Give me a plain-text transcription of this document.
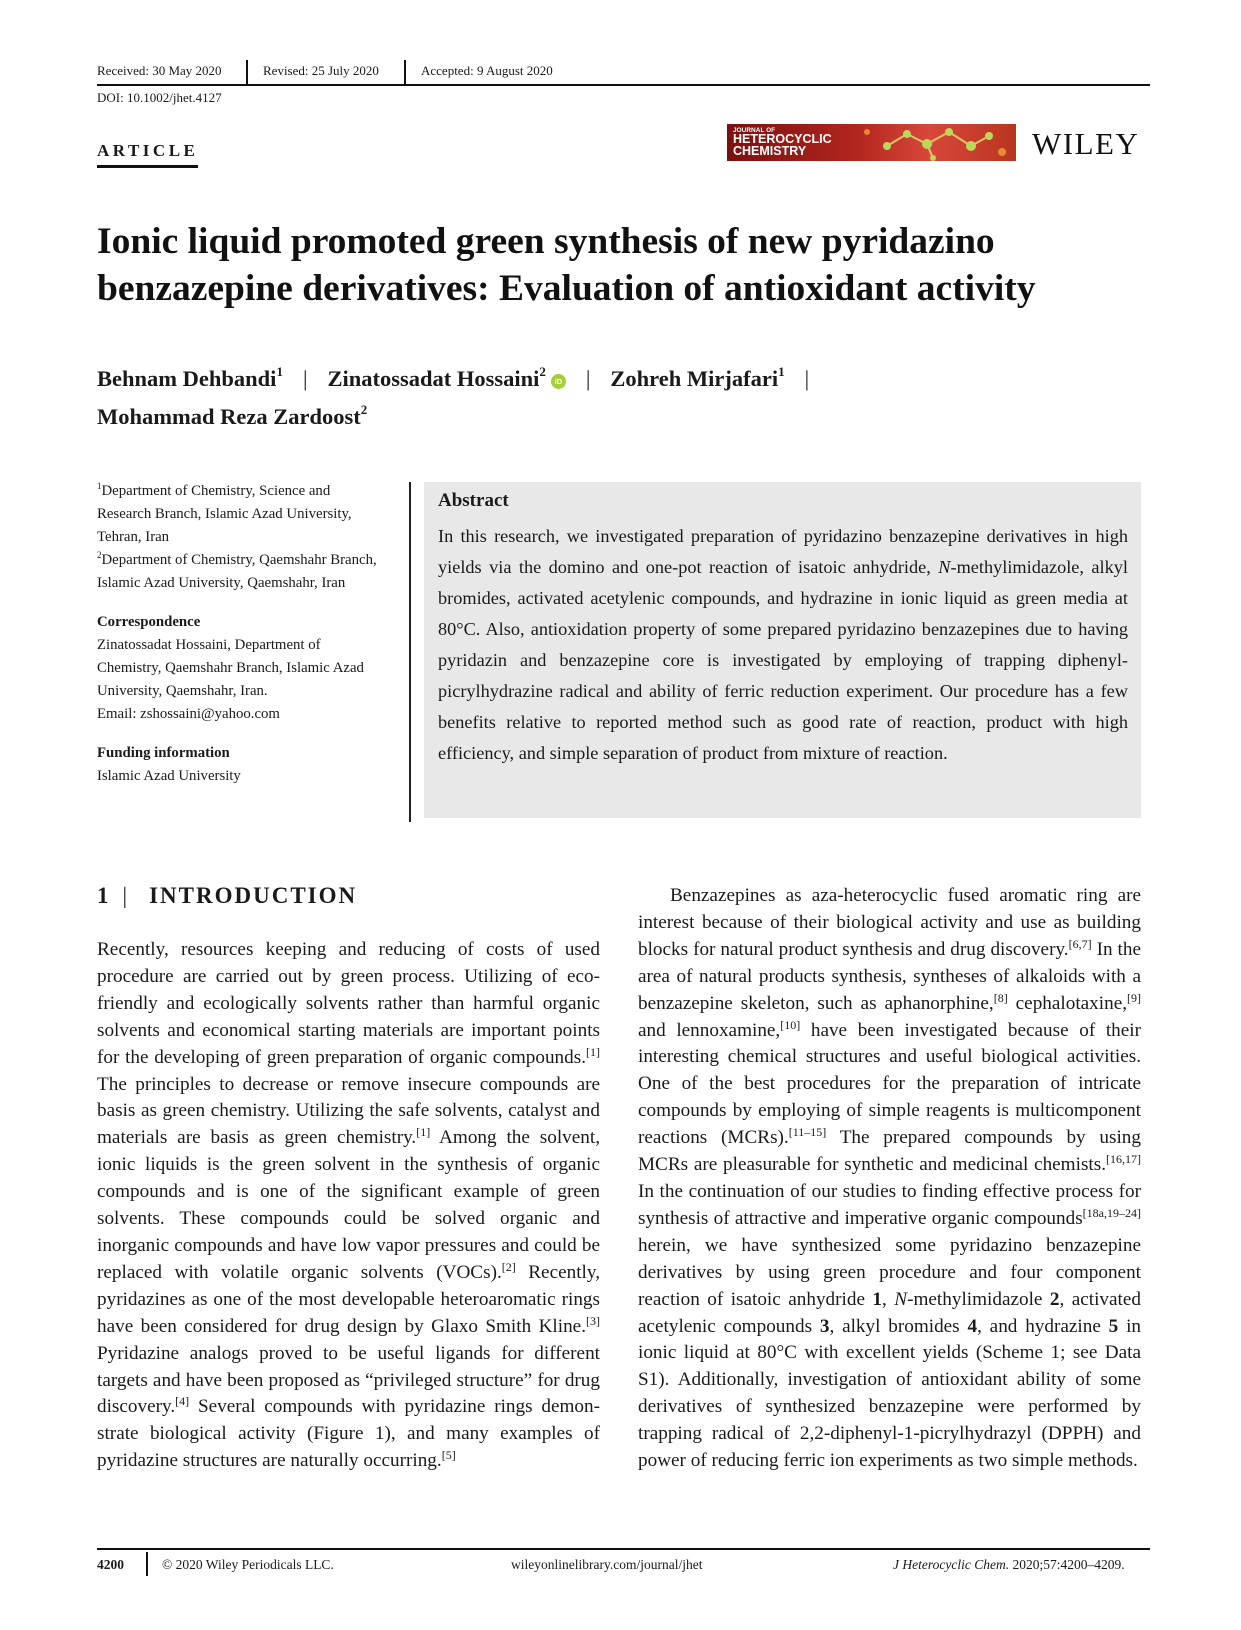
Received: 30 May 2020	Revised: 25 July 2020	Accepted: 9 August 2020
DOI: 10.1002/jhet.4127
ARTICLE
JOURNAL OF
HETEROCYCLIC
CHEMISTRY	WILEY
Ionic liquid promoted green synthesis of new pyridazino
benzazepine derivatives: Evaluation of antioxidant activity
Behnam Dehbandi$^1$ | Zinatossadat Hossaini$^2$iD | Zohreh Mirjafari$^1$ |
Mohammad Reza Zardoost$^2$

$^1$Department of Chemistry, Science and Research Branch, Islamic Azad University, Tehran, Iran

$^2$Department of Chemistry, Qaemshahr Branch, Islamic Azad University, Qaemshahr, Iran

Correspondence

Zinatossadat Hossaini, Department of Chemistry, Qaemshahr Branch, Islamic Azad University, Qaemshahr, Iran.

Email: zshossaini@yahoo.com

Funding information

Islamic Azad University

Abstract
In this research, we investigated preparation of pyridazino benzazepine derivatives in high yields via the domino and one-pot reaction of isatoic anhydride, N-methylimidazole, alkyl bromides, activated acetylenic compounds, and hydrazine in ionic liquid as green media at 80°C. Also, antioxidation property of some prepared pyridazino benzazepines due to having pyridazin and benzazepine core is investigated by employing of trapping diphenyl-picrylhydrazine radical and ability of ferric reduction experiment. Our procedure has a few benefits relative to reported method such as good rate of reaction, product with high efficiency, and simple separation of product from mixture of reaction.
1 | INTRODUCTION
Recently, resources keeping and reducing of costs of used procedure are carried out by green process. Utilizing of eco-friendly and ecologically solvents rather than harmful organic solvents and economical starting materials are important points for the developing of green preparation of organic compounds.[1] The principles to decrease or remove insecure compounds are basis as green chemistry. Utilizing the safe solvents, catalyst and materials are basis as green chemistry.[1] Among the solvent, ionic liquids is the green solvent in the synthesis of organic compounds and is one of the significant example of green solvents. These compounds could be solved organic and inorganic compounds and have low vapor pressures and could be replaced with volatile organic solvents (VOCs).[2] Recently, pyridazines as one of the most developable heteroaromatic rings have been considered for drug design by Glaxo Smith Kline.[3] Pyridazine analogs proved to be useful ligands for different targets and have been proposed as “privileged structure” for drug discovery.[4] Several compounds with pyridazine rings demonstrate biological activity (Figure 1), and many examples of pyridazine structures are naturally occurring.[5]
Benzazepines as aza-heterocyclic fused aromatic ring are interest because of their biological activity and use as building blocks for natural product synthesis and drug discovery.[6,7] In the area of natural products synthesis, syntheses of alkaloids with a benzazepine skeleton, such as aphanorphine,[8] cephalotaxine,[9] and lennoxamine,[10] have been investigated because of their interesting chemical structures and useful biological activities. One of the best procedures for the preparation of intricate compounds by employing of simple reagents is multicomponent reactions (MCRs).[11–15] The prepared compounds by using MCRs are pleasurable for synthetic and medicinal chemists.[16,17] In the continuation of our studies to finding effective process for synthesis of attractive and imperative organic compounds[18a,19–24] herein, we have synthesized some pyridazino benzazepine derivatives by using green procedure and four component reaction of isatoic anhydride 1, N-methylimidazole 2, activated acetylenic compounds 3, alkyl bromides 4, and hydrazine 5 in ionic liquid at 80°C with excellent yields (Scheme 1; see Data S1). Additionally, investigation of antioxidant ability of some derivatives of synthesized benzazepine were performed by trapping radical of 2,2-diphenyl-1-picrylhydrazyl (DPPH) and power of reducing ferric ion experiments as two simple methods.
4200	© 2020 Wiley Periodicals LLC.	wileyonlinelibrary.com/journal/jhet	J Heterocyclic Chem. 2020;57:4200–4209.
